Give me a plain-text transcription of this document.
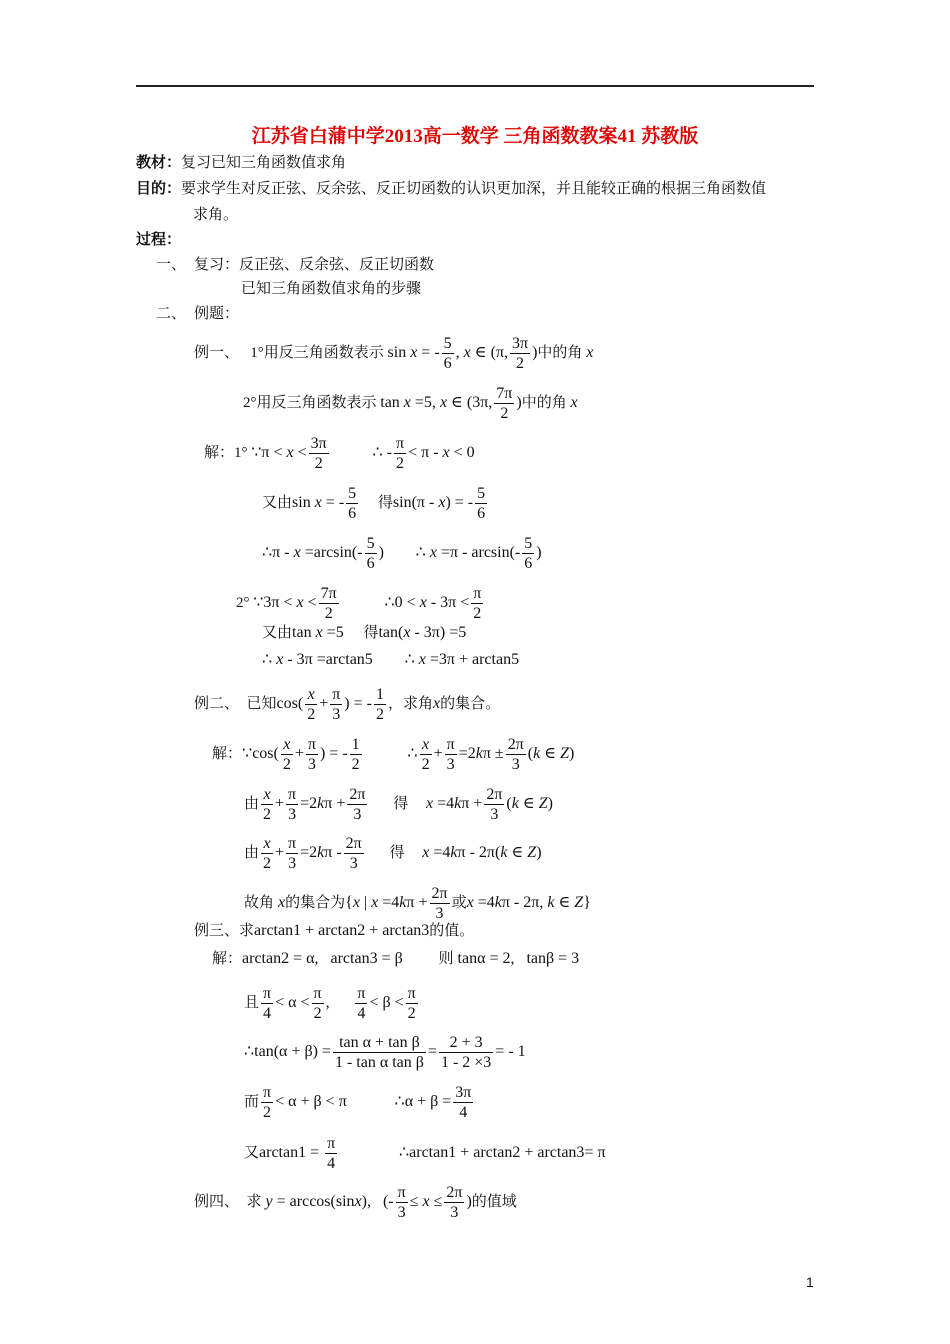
江苏省白蒲中学2013高一数学 三角函数教案41 苏教版
教材：复习已知三角函数值求角
目的：要求学生对反正弦、反余弦、反正切函数的认识更加深，并且能较正确的根据三角函数值
求角。
过程：
一、 复习：反正弦、反余弦、反正切函数
已知三角函数值求角的步骤
二、 例题：
例一、 1°用反三角函数表示 sin x = - $\frac{5}{6}$ , x ∈ (π, $\frac{3\pi}{2}$ )中的角 x
2°用反三角函数表示 tan x =5, x ∈ (3π, $\frac{7\pi}{2}$ )中的角 x
解：1° ∵π < $x < \frac{3\pi}{2}$	∴ - $\frac{\pi}{2} < \pi - x < 0$
又由sin x = - $\frac{5}{6}$ 得sin(π - x) = - $\frac{5}{6}$
∴π - $x =\arcsin(- \frac{5}{6}$ ) ∴ $x =\pi - \arcsin(- \frac{5}{6}$ )
2° ∵3π < $x < \frac{7\pi}{2}$	∴0 < $x - 3\pi < \frac{\pi}{2}$
又由tan x =5 得tan(x - 3π) =5
∴ x - 3π =arctan5 ∴ x =3π + arctan5
例二、 已知$\cos( \frac{x}{2} + \frac{\pi}{3}$ ) = - $\frac{1}{2}$ ，求角x的集合。
解：∵cos( $\frac{x}{2} + \frac{\pi}{3}$ ) = - $\frac{1}{2}$	∴ $\frac{x}{2} + \frac{\pi}{3} =2k\pi \pm \frac{2\pi}{3} (k$ ∈ Z)
由 $\frac{x}{2} + \frac{\pi}{3} =2k\pi + \frac{2\pi}{3}$ 得 $x =4k\pi + \frac{2\pi}{3} (k$ ∈ Z)
由 $\frac{x}{2} + \frac{\pi}{3} =2k\pi - \frac{2\pi}{3}$ 得 x =4kπ - 2π(k ∈ Z)
故角 x的集合为{x | $x =4k\pi + \frac{2\pi}{3}$ 或x =4kπ - 2π, k ∈ Z}
例三、求arctan1 + arctan2 + arctan3的值。
解：arctan2 = α,   arctan3 = β 则 tanα = 2,   tanβ = 3
且 $\frac{\pi}{4} < \alpha < \frac{\pi}{2}$ , $\frac{\pi}{4} < \beta < \frac{\pi}{2}$
∴tan(α + $\beta) = \frac{\text{tan α + tan β}}{\text{1 - tan α tan β}} = \frac{2 + 3}{1 - 2 \times 3}$ = - 1
而 $\frac{\pi}{2} < \alpha + \beta < \pi$	∴α + $\beta = \frac{3\pi}{4}$
又$\arctan 1 = \frac{\pi}{4}$	∴arctan1 + arctan2 + arctan3= π
例四、 求 y = arccos(sinx),   (- $\frac{\pi}{3} \le x \le \frac{2\pi}{3}$ )的值域
1
